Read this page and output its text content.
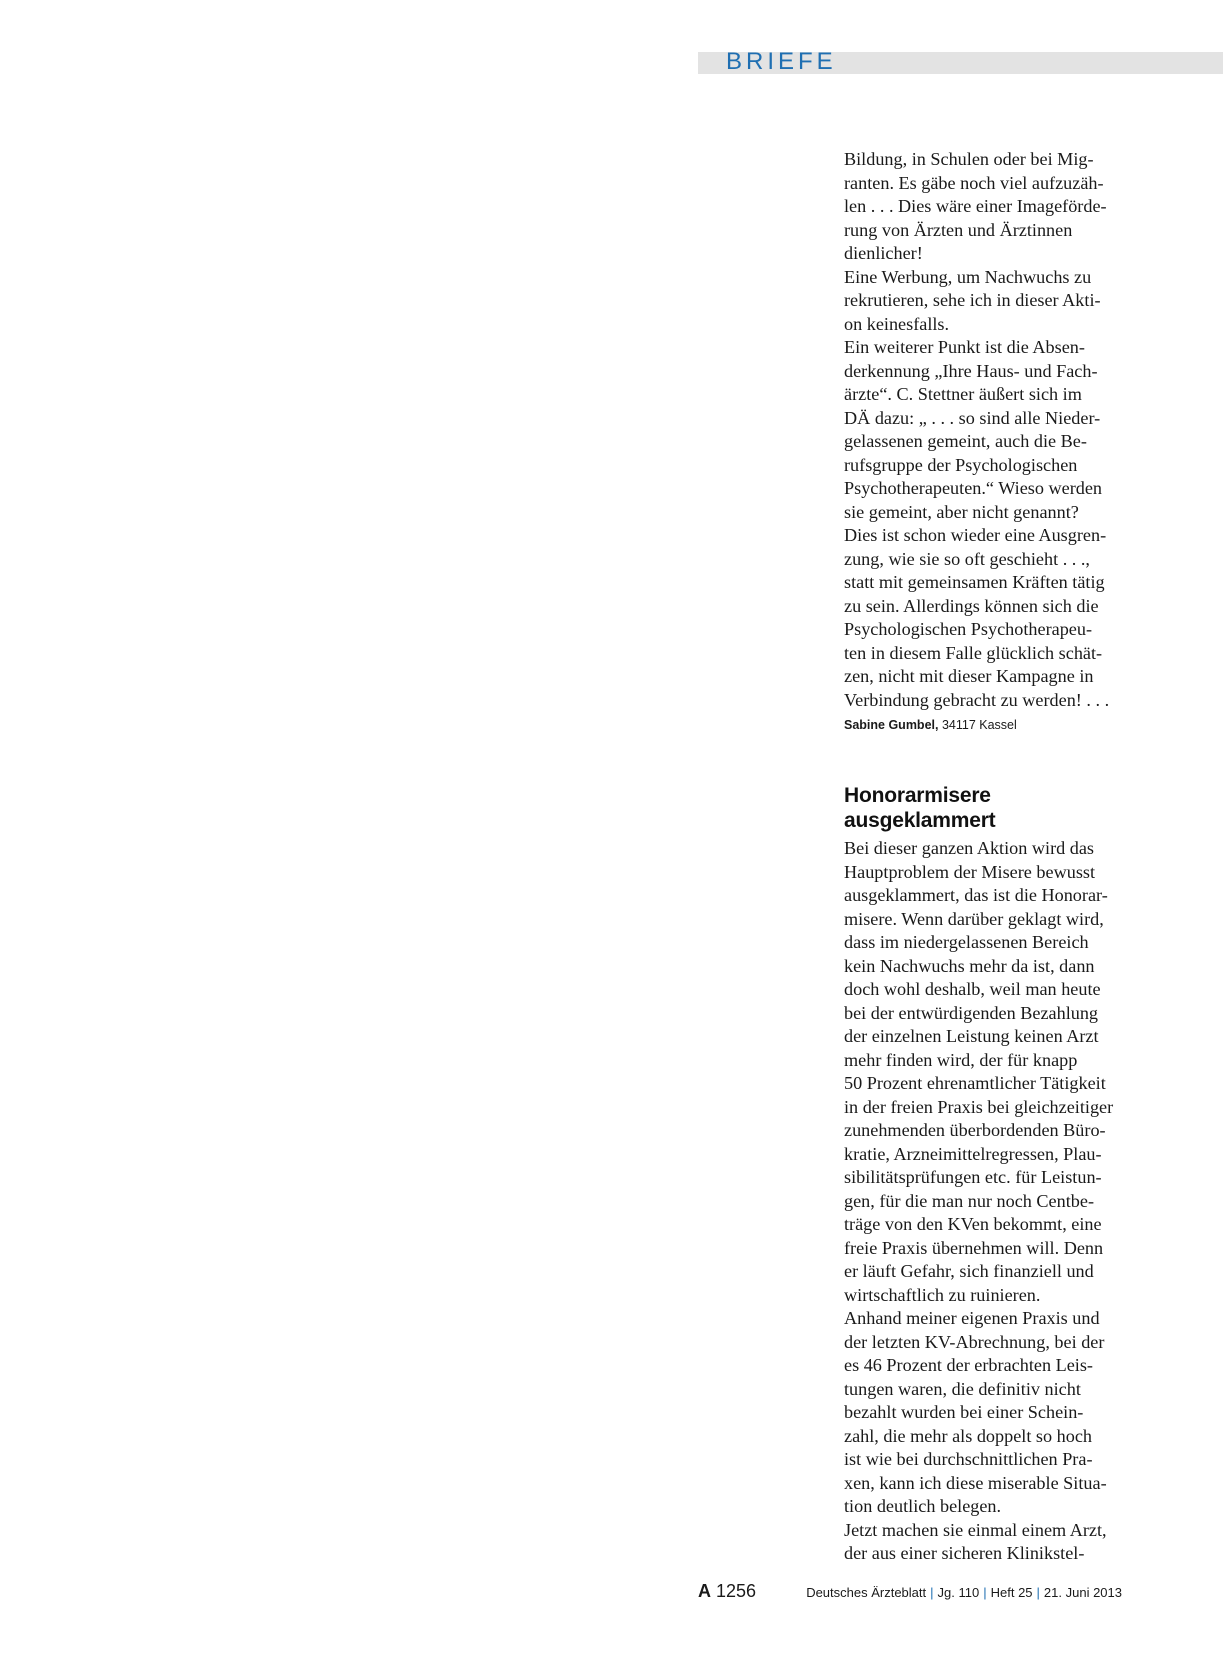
BRIEFE
Bildung, in Schulen oder bei Mig-
ranten. Es gäbe noch viel aufzuzäh-
len . . . Dies wäre einer Imageförde-
rung von Ärzten und Ärztinnen
dienlicher!
Eine Werbung, um Nachwuchs zu
rekrutieren, sehe ich in dieser Akti-
on keinesfalls.
Ein weiterer Punkt ist die Absen-
derkennung „Ihre Haus- und Fach-
ärzte“. C. Stettner äußert sich im
DÄ dazu: „ . . . so sind alle Nieder-
gelassenen gemeint, auch die Be-
rufsgruppe der Psychologischen
Psychotherapeuten.“ Wieso werden
sie gemeint, aber nicht genannt?
Dies ist schon wieder eine Ausgren-
zung, wie sie so oft geschieht . . .,
statt mit gemeinsamen Kräften tätig
zu sein. Allerdings können sich die
Psychologischen Psychotherapeu-
ten in diesem Falle glücklich schät-
zen, nicht mit dieser Kampagne in
Verbindung gebracht zu werden! . . .
Sabine Gumbel, 34117 Kassel
Honorarmisere
ausgeklammert
Bei dieser ganzen Aktion wird das
Hauptproblem der Misere bewusst
ausgeklammert, das ist die Honorar-
misere. Wenn darüber geklagt wird,
dass im niedergelassenen Bereich
kein Nachwuchs mehr da ist, dann
doch wohl deshalb, weil man heute
bei der entwürdigenden Bezahlung
der einzelnen Leistung keinen Arzt
mehr finden wird, der für knapp
50 Prozent ehrenamtlicher Tätigkeit
in der freien Praxis bei gleichzeitiger
zunehmenden überbordenden Büro-
kratie, Arzneimittelregressen, Plau-
sibilitätsprüfungen etc. für Leistun-
gen, für die man nur noch Centbe-
träge von den KVen bekommt, eine
freie Praxis übernehmen will. Denn
er läuft Gefahr, sich finanziell und
wirtschaftlich zu ruinieren.
Anhand meiner eigenen Praxis und
der letzten KV-Abrechnung, bei der
es 46 Prozent der erbrachten Leis-
tungen waren, die definitiv nicht
bezahlt wurden bei einer Schein-
zahl, die mehr als doppelt so hoch
ist wie bei durchschnittlichen Pra-
xen, kann ich diese miserable Situa-
tion deutlich belegen.
Jetzt machen sie einmal einem Arzt,
der aus einer sicheren Klinikstel-
A 1256	Deutsches Ärzteblatt | Jg. 110 | Heft 25 | 21. Juni 2013
